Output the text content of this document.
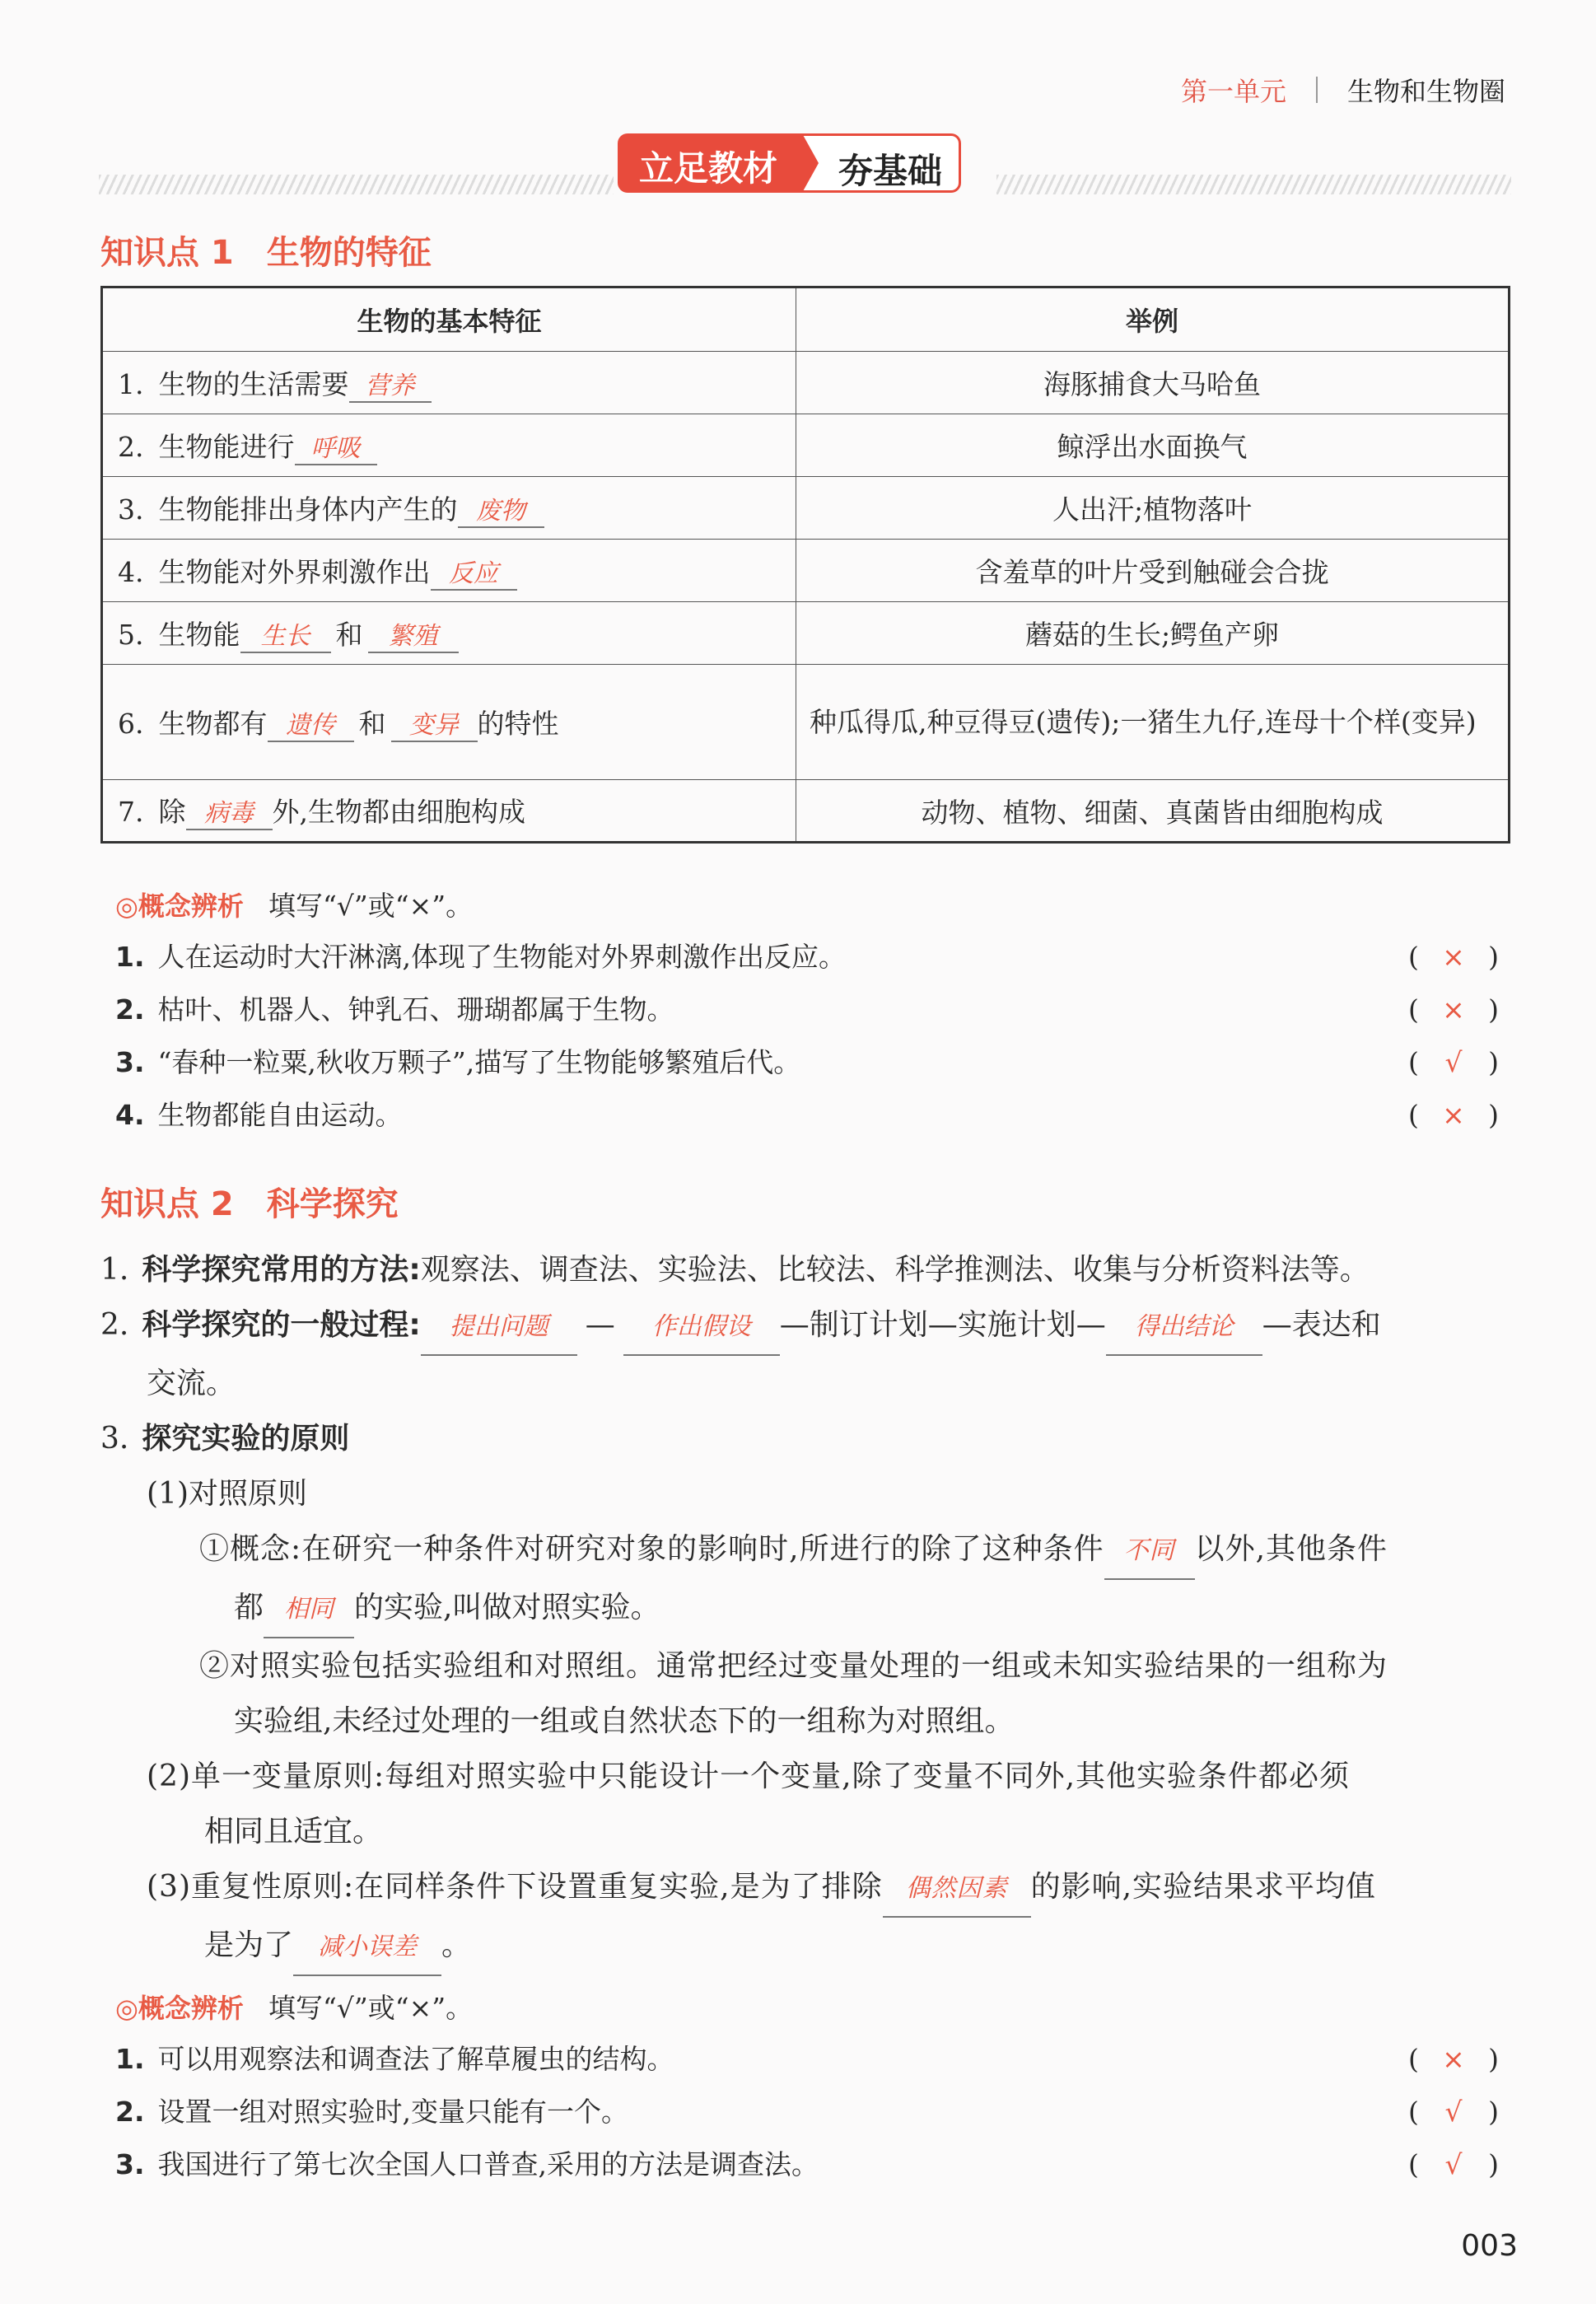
第一单元 生物和生物圈
立足教材	夯基础
知识点 1 生物的特征
生物的基本特征	举例
1. 生物的生活需要 营养	海豚捕食大马哈鱼
2. 生物能进行 呼吸	鲸浮出水面换气
3. 生物能排出身体内产生的 废物	人出汗;植物落叶
4. 生物能对外界刺激作出 反应	含羞草的叶片受到触碰会合拢
5. 生物能 生长 和 繁殖	蘑菇的生长;鳄鱼产卵
6. 生物都有 遗传 和 变异 的特性	种瓜得瓜,种豆得豆(遗传);一猪生九仔,连母十个样(变异)
7. 除 病毒 外,生物都由细胞构成	动物、植物、细菌、真菌皆由细胞构成
◎概念辨析 填写“√”或“×”。
1. 人在运动时大汗淋漓,体现了生物能对外界刺激作出反应。	( × )
2. 枯叶、机器人、钟乳石、珊瑚都属于生物。	( × )
3. “春种一粒粟,秋收万颗子”,描写了生物能够繁殖后代。	( √ )
4. 生物都能自由运动。	( × )
知识点 2 科学探究
1. 科学探究常用的方法:观察法、调查法、实验法、比较法、科学推测法、收集与分析资料法等。
2. 科学探究的一般过程: 提出问题 — 作出假设 —制订计划—实施计划— 得出结论 —表达和
交流。
3. 探究实验的原则
(1)对照原则
①概念:在研究一种条件对研究对象的影响时,所进行的除了这种条件 不同 以外,其他条件
都 相同 的实验,叫做对照实验。
②对照实验包括实验组和对照组。通常把经过变量处理的一组或未知实验结果的一组称为
实验组,未经过处理的一组或自然状态下的一组称为对照组。
(2)单一变量原则:每组对照实验中只能设计一个变量,除了变量不同外,其他实验条件都必须
相同且适宜。
(3)重复性原则:在同样条件下设置重复实验,是为了排除 偶然因素 的影响,实验结果求平均值
是为了 减小误差 。
◎概念辨析 填写“√”或“×”。
1. 可以用观察法和调查法了解草履虫的结构。	( × )
2. 设置一组对照实验时,变量只能有一个。	( √ )
3. 我国进行了第七次全国人口普查,采用的方法是调查法。	( √ )
003
